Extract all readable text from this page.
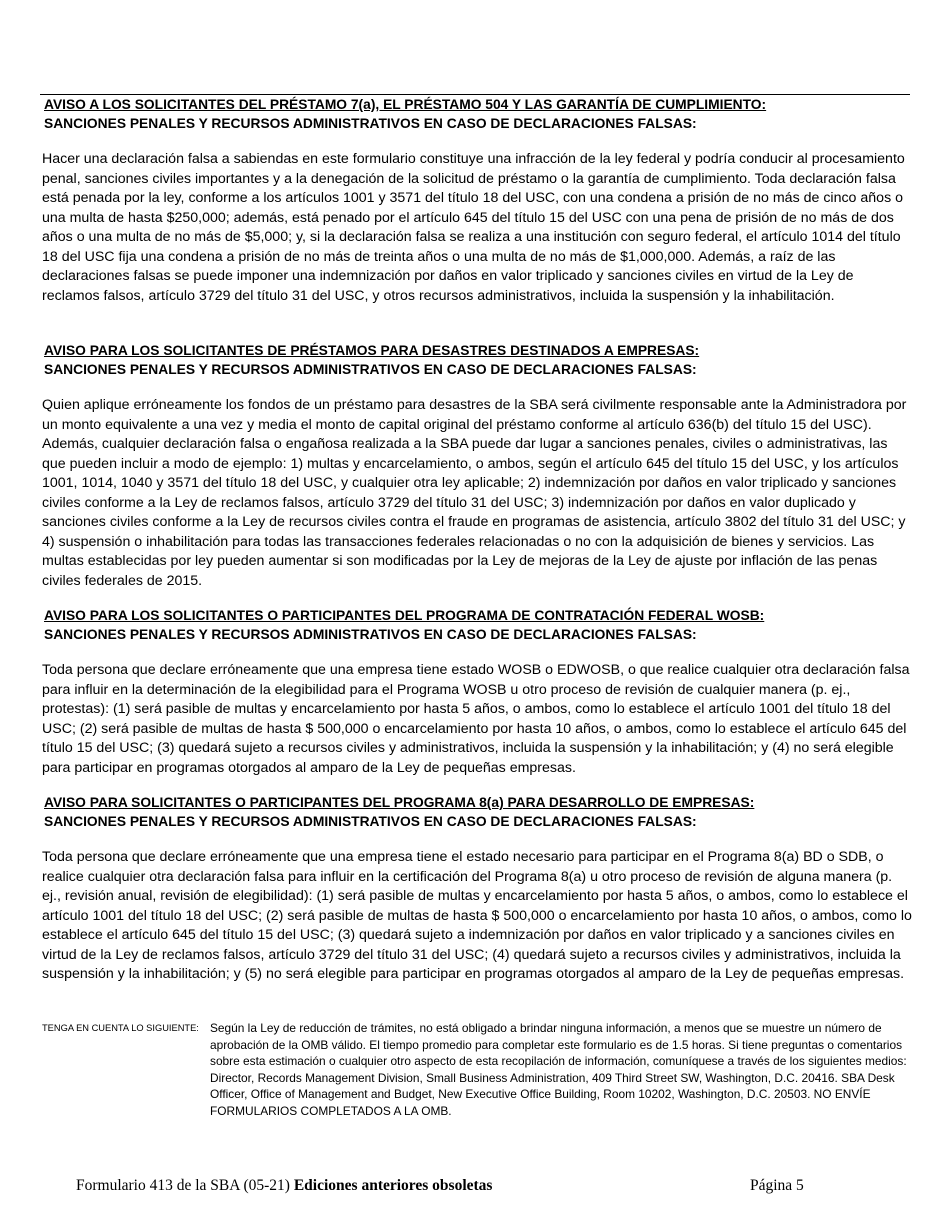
AVISO A LOS SOLICITANTES DEL PRÉSTAMO 7(a), EL PRÉSTAMO 504 Y LAS GARANTÍA DE CUMPLIMIENTO:
SANCIONES PENALES Y RECURSOS ADMINISTRATIVOS EN CASO DE DECLARACIONES FALSAS:

Hacer una declaración falsa a sabiendas en este formulario constituye una infracción de la ley federal y podría conducir al procesamiento penal, sanciones civiles importantes y a la denegación de la solicitud de préstamo o la garantía de cumplimiento. Toda declaración falsa está penada por la ley, conforme a los artículos 1001 y 3571 del título 18 del USC, con una condena a prisión de no más de cinco años o una multa de hasta $250,000; además, está penado por el artículo 645 del título 15 del USC con una pena de prisión de no más de dos años o una multa de no más de $5,000; y, si la declaración falsa se realiza a una institución con seguro federal, el artículo 1014 del título 18 del USC fija una condena a prisión de no más de treinta años o una multa de no más de $1,000,000. Además, a raíz de las declaraciones falsas se puede imponer una indemnización por daños en valor triplicado y sanciones civiles en virtud de la Ley de reclamos falsos, artículo 3729 del título 31 del USC, y otros recursos administrativos, incluida la suspensión y la inhabilitación.

AVISO PARA LOS SOLICITANTES DE PRÉSTAMOS PARA DESASTRES DESTINADOS A EMPRESAS:
SANCIONES PENALES Y RECURSOS ADMINISTRATIVOS EN CASO DE DECLARACIONES FALSAS:

Quien aplique erróneamente los fondos de un préstamo para desastres de la SBA será civilmente responsable ante la Administradora por un monto equivalente a una vez y media el monto de capital original del préstamo conforme al artículo 636(b) del título 15 del USC). Además, cualquier declaración falsa o engañosa realizada a la SBA puede dar lugar a sanciones penales, civiles o administrativas, las que pueden incluir a modo de ejemplo: 1) multas y encarcelamiento, o ambos, según el artículo 645 del título 15 del USC, y los artículos 1001, 1014, 1040 y 3571 del título 18 del USC, y cualquier otra ley aplicable; 2) indemnización por daños en valor triplicado y sanciones civiles conforme a la Ley de reclamos falsos, artículo 3729 del título 31 del USC; 3) indemnización por daños en valor duplicado y sanciones civiles conforme a la Ley de recursos civiles contra el fraude en programas de asistencia, artículo 3802 del título 31 del USC; y 4) suspensión o inhabilitación para todas las transacciones federales relacionadas o no con la adquisición de bienes y servicios. Las multas establecidas por ley pueden aumentar si son modificadas por la Ley de mejoras de la Ley de ajuste por inflación de las penas civiles federales de 2015.

AVISO PARA LOS SOLICITANTES O PARTICIPANTES DEL PROGRAMA DE CONTRATACIÓN FEDERAL WOSB:
SANCIONES PENALES Y RECURSOS ADMINISTRATIVOS EN CASO DE DECLARACIONES FALSAS:

Toda persona que declare erróneamente que una empresa tiene estado WOSB o EDWOSB, o que realice cualquier otra declaración falsa para influir en la determinación de la elegibilidad para el Programa WOSB u otro proceso de revisión de cualquier manera (p. ej., protestas): (1) será pasible de multas y encarcelamiento por hasta 5 años, o ambos, como lo establece el artículo 1001 del título 18 del USC; (2) será pasible de multas de hasta $ 500,000 o encarcelamiento por hasta 10 años, o ambos, como lo establece el artículo 645 del título 15 del USC; (3) quedará sujeto a recursos civiles y administrativos, incluida la suspensión y la inhabilitación; y (4) no será elegible para participar en programas otorgados al amparo de la Ley de pequeñas empresas.

AVISO PARA SOLICITANTES O PARTICIPANTES DEL PROGRAMA 8(a) PARA DESARROLLO DE EMPRESAS:
SANCIONES PENALES Y RECURSOS ADMINISTRATIVOS EN CASO DE DECLARACIONES FALSAS:

Toda persona que declare erróneamente que una empresa tiene el estado necesario para participar en el Programa 8(a) BD o SDB, o realice cualquier otra declaración falsa para influir en la certificación del Programa 8(a) u otro proceso de revisión de alguna manera (p. ej., revisión anual, revisión de elegibilidad): (1) será pasible de multas y encarcelamiento por hasta 5 años, o ambos, como lo establece el artículo 1001 del título 18 del USC; (2) será pasible de multas de hasta $ 500,000 o encarcelamiento por hasta 10 años, o ambos, como lo establece el artículo 645 del título 15 del USC; (3) quedará sujeto a indemnización por daños en valor triplicado y a sanciones civiles en virtud de la Ley de reclamos falsos, artículo 3729 del título 31 del USC; (4) quedará sujeto a recursos civiles y administrativos, incluida la suspensión y la inhabilitación; y (5) no será elegible para participar en programas otorgados al amparo de la Ley de pequeñas empresas.

TENGA EN CUENTA LO SIGUIENTE: Según la Ley de reducción de trámites, no está obligado a brindar ninguna información, a menos que se muestre un número de aprobación de la OMB válido. El tiempo promedio para completar este formulario es de 1.5 horas. Si tiene preguntas o comentarios sobre esta estimación o cualquier otro aspecto de esta recopilación de información, comuníquese a través de los siguientes medios: Director, Records Management Division, Small Business Administration, 409 Third Street SW, Washington, D.C. 20416. SBA Desk Officer, Office of Management and Budget, New Executive Office Building, Room 10202, Washington, D.C. 20503. NO ENVÍE FORMULARIOS COMPLETADOS A LA OMB.
Formulario 413 de la SBA (05-21) Ediciones anteriores obsoletas	Página 5
